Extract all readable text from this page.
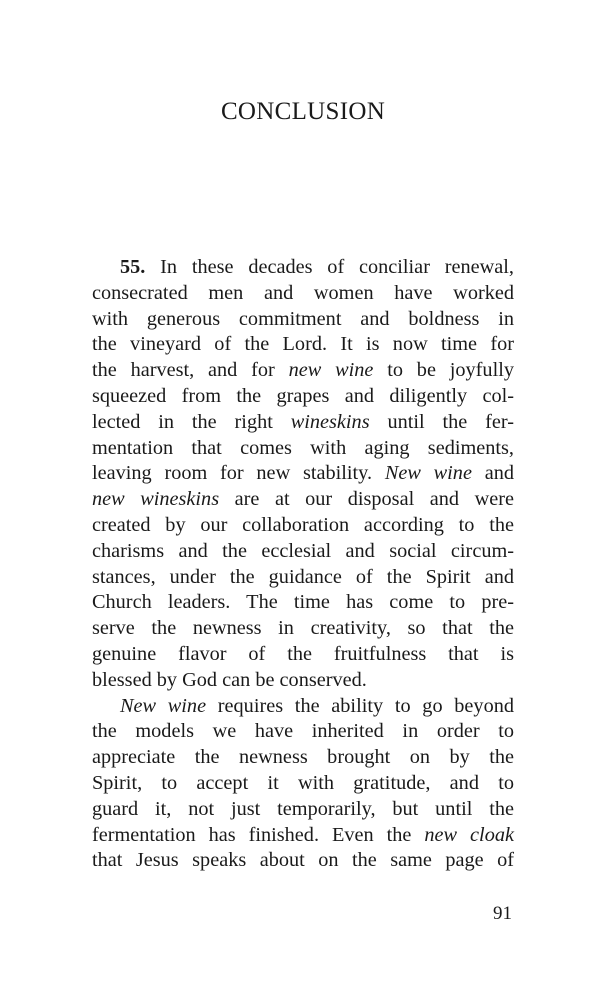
CONCLUSION
55. In these decades of conciliar renewal,
consecrated men and women have worked
with generous commitment and boldness in
the vineyard of the Lord. It is now time for
the harvest, and for new wine to be joyfully
squeezed from the grapes and diligently col-
lected in the right wineskins until the fer-
mentation that comes with aging sediments,
leaving room for new stability. New wine and
new wineskins are at our disposal and were
created by our collaboration according to the
charisms and the ecclesial and social circum-
stances, under the guidance of the Spirit and
Church leaders. The time has come to pre-
serve the newness in creativity, so that the
genuine flavor of the fruitfulness that is
blessed by God can be conserved.
New wine requires the ability to go beyond
the models we have inherited in order to
appreciate the newness brought on by the
Spirit, to accept it with gratitude, and to
guard it, not just temporarily, but until the
fermentation has finished. Even the new cloak
that Jesus speaks about on the same page of
91
